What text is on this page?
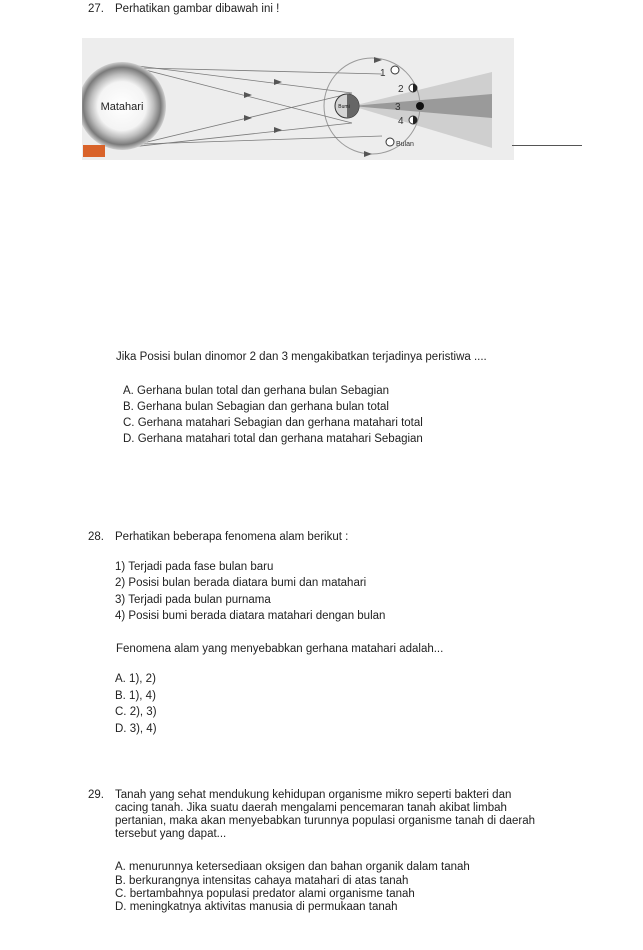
27. Perhatikan gambar dibawah ini !
Matahari	Bumi
1
2
3
4
Bulan
Jika Posisi bulan dinomor 2 dan 3 mengakibatkan terjadinya peristiwa ....
A. Gerhana bulan total dan gerhana bulan Sebagian
B. Gerhana bulan Sebagian dan gerhana bulan total
C. Gerhana matahari Sebagian dan gerhana matahari total
D. Gerhana matahari total dan gerhana matahari Sebagian
28. Perhatikan beberapa fenomena alam berikut :
1) Terjadi pada fase bulan baru
2) Posisi bulan berada diatara bumi dan matahari
3) Terjadi pada bulan purnama
4) Posisi bumi berada diatara matahari dengan bulan
Fenomena alam yang menyebabkan gerhana matahari adalah...
A. 1), 2)
B. 1), 4)
C. 2), 3)
D. 3), 4)
29. Tanah yang sehat mendukung kehidupan organisme mikro seperti bakteri dan
cacing tanah. Jika suatu daerah mengalami pencemaran tanah akibat limbah
pertanian, maka akan menyebabkan turunnya populasi organisme tanah di daerah
tersebut yang dapat...
A. menurunnya ketersediaan oksigen dan bahan organik dalam tanah
B. berkurangnya intensitas cahaya matahari di atas tanah
C. bertambahnya populasi predator alami organisme tanah
D. meningkatnya aktivitas manusia di permukaan tanah
